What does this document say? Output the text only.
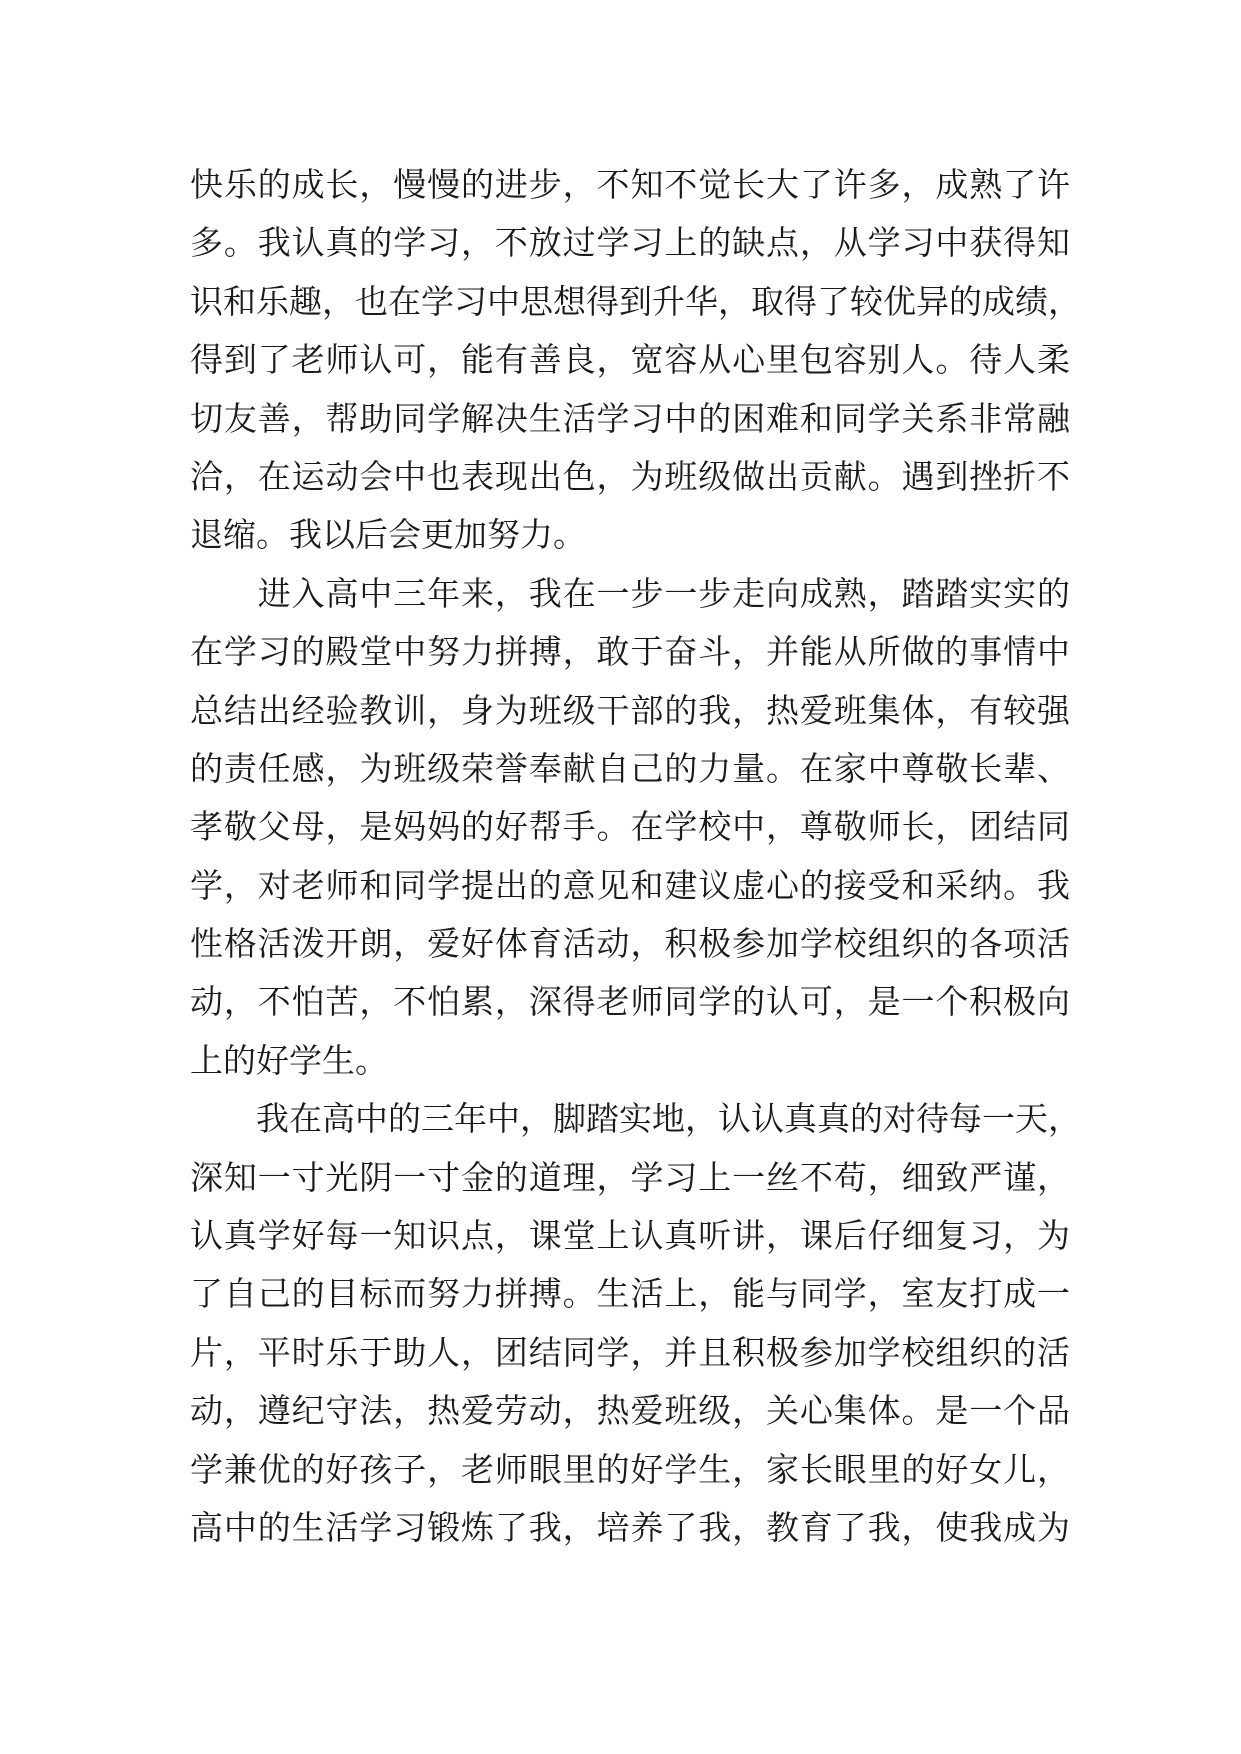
快乐的成长，慢慢的进步，不知不觉长大了许多，成熟了许
多。我认真的学习，不放过学习上的缺点，从学习中获得知
识和乐趣，也在学习中思想得到升华，取得了较优异的成绩，
得到了老师认可，能有善良，宽容从心里包容别人。待人柔
切友善，帮助同学解决生活学习中的困难和同学关系非常融
洽，在运动会中也表现出色，为班级做出贡献。遇到挫折不
退缩。我以后会更加努力。
　　进入高中三年来，我在一步一步走向成熟，踏踏实实的
在学习的殿堂中努力拼搏，敢于奋斗，并能从所做的事情中
总结出经验教训，身为班级干部的我，热爱班集体，有较强
的责任感，为班级荣誉奉献自己的力量。在家中尊敬长辈、
孝敬父母，是妈妈的好帮手。在学校中，尊敬师长，团结同
学，对老师和同学提出的意见和建议虚心的接受和采纳。我
性格活泼开朗，爱好体育活动，积极参加学校组织的各项活
动，不怕苦，不怕累，深得老师同学的认可，是一个积极向
上的好学生。
　　我在高中的三年中，脚踏实地，认认真真的对待每一天，
深知一寸光阴一寸金的道理，学习上一丝不苟，细致严谨，
认真学好每一知识点，课堂上认真听讲，课后仔细复习，为
了自己的目标而努力拼搏。生活上，能与同学，室友打成一
片，平时乐于助人，团结同学，并且积极参加学校组织的活
动，遵纪守法，热爱劳动，热爱班级，关心集体。是一个品
学兼优的好孩子，老师眼里的好学生，家长眼里的好女儿，
高中的生活学习锻炼了我，培养了我，教育了我，使我成为
